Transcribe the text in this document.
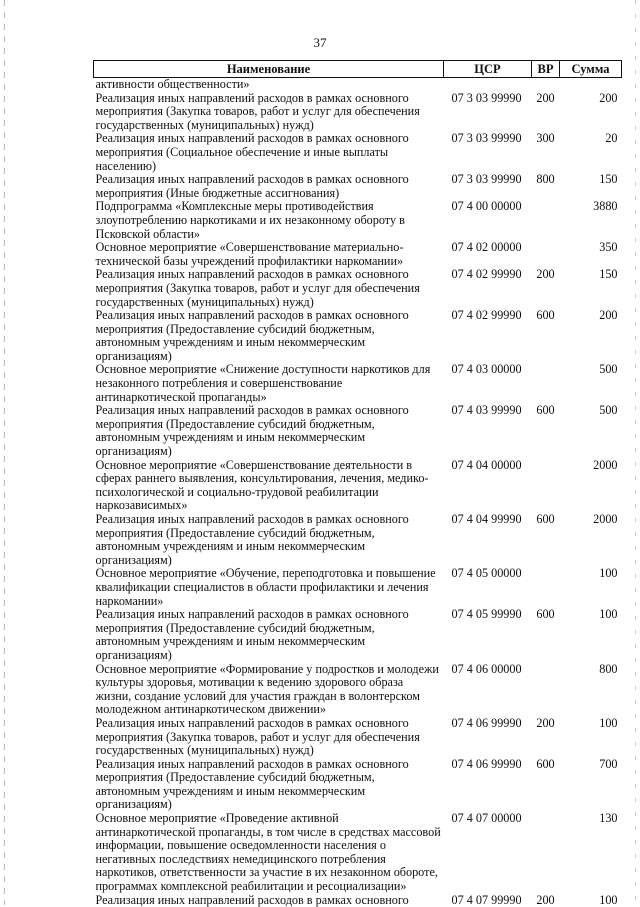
37
Наименование	ЦСР	ВР	Сумма
активности общественности»			
Реализация иных направлений расходов в рамках основного мероприятия (Закупка товаров, работ и услуг для обеспечения государственных (муниципальных) нужд)	07 3 03 99990	200	200
Реализация иных направлений расходов в рамках основного мероприятия (Социальное обеспечение и иные выплаты населению)	07 3 03 99990	300	20
Реализация иных направлений расходов в рамках основного мероприятия (Иные бюджетные ассигнования)	07 3 03 99990	800	150
Подпрограмма «Комплексные меры противодействия злоупотреблению наркотиками и их незаконному обороту в Псковской области»	07 4 00 00000		3880
Основное мероприятие «Совершенствование материально-технической базы учреждений профилактики наркомании»	07 4 02 00000		350
Реализация иных направлений расходов в рамках основного мероприятия (Закупка товаров, работ и услуг для обеспечения государственных (муниципальных) нужд)	07 4 02 99990	200	150
Реализация иных направлений расходов в рамках основного мероприятия (Предоставление субсидий бюджетным, автономным учреждениям и иным некоммерческим организациям)	07 4 02 99990	600	200
Основное мероприятие «Снижение доступности наркотиков для незаконного потребления и совершенствование антинаркотической пропаганды»	07 4 03 00000		500
Реализация иных направлений расходов в рамках основного мероприятия (Предоставление субсидий бюджетным, автономным учреждениям и иным некоммерческим организациям)	07 4 03 99990	600	500
Основное мероприятие «Совершенствование деятельности в сферах раннего выявления, консультирования, лечения, медико-психологической и социально-трудовой реабилитации наркозависимых»	07 4 04 00000		2000
Реализация иных направлений расходов в рамках основного мероприятия (Предоставление субсидий бюджетным, автономным учреждениям и иным некоммерческим организациям)	07 4 04 99990	600	2000
Основное мероприятие «Обучение, переподготовка и повышение квалификации специалистов в области профилактики и лечения наркомании»	07 4 05 00000		100
Реализация иных направлений расходов в рамках основного мероприятия (Предоставление субсидий бюджетным, автономным учреждениям и иным некоммерческим организациям)	07 4 05 99990	600	100
Основное мероприятие «Формирование у подростков и молодежи культуры здоровья, мотивации к ведению здорового образа жизни, создание условий для участия граждан в волонтерском молодежном антинаркотическом движении»	07 4 06 00000		800
Реализация иных направлений расходов в рамках основного мероприятия (Закупка товаров, работ и услуг для обеспечения государственных (муниципальных) нужд)	07 4 06 99990	200	100
Реализация иных направлений расходов в рамках основного мероприятия (Предоставление субсидий бюджетным, автономным учреждениям и иным некоммерческим организациям)	07 4 06 99990	600	700
Основное мероприятие «Проведение активной антинаркотической пропаганды, в том числе в средствах массовой информации, повышение осведомленности населения о негативных последствиях немедицинского потребления наркотиков, ответственности за участие в их незаконном обороте, программах комплексной реабилитации и ресоциализации»	07 4 07 00000		130
Реализация иных направлений расходов в рамках основного	07 4 07 99990	200	100
